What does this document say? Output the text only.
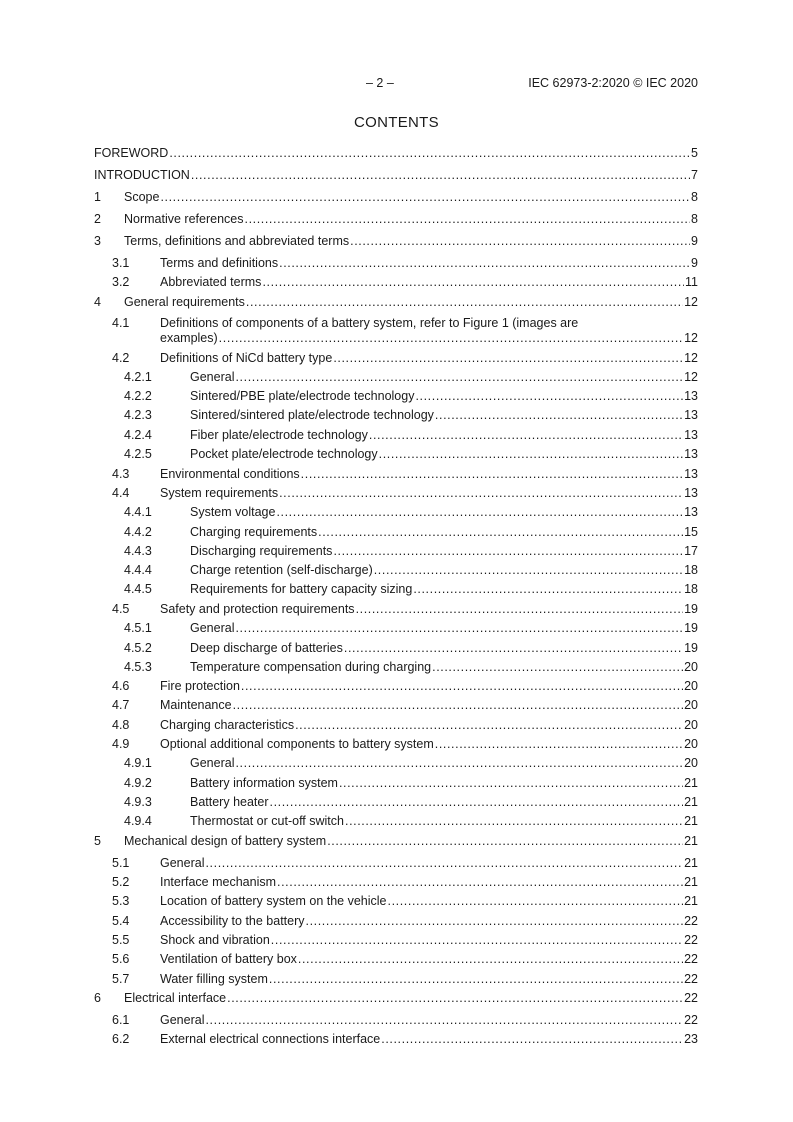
– 2 –	IEC 62973-2:2020 © IEC 2020
CONTENTS
FOREWORD .....	5
INTRODUCTION .....	7
1	Scope .....	8
2	Normative references .....	8
3	Terms, definitions and abbreviated terms .....	9
3.1	Terms and definitions .....	9
3.2	Abbreviated terms .....	11
4	General requirements .....	12
4.1	Definitions of components of a battery system, refer to Figure 1 (images are
examples) .....	12
4.2	Definitions of NiCd battery type .....	12
4.2.1	General .....	12
4.2.2	Sintered/PBE plate/electrode technology .....	13
4.2.3	Sintered/sintered plate/electrode technology .....	13
4.2.4	Fiber plate/electrode technology .....	13
4.2.5	Pocket plate/electrode technology .....	13
4.3	Environmental conditions .....	13
4.4	System requirements .....	13
4.4.1	System voltage .....	13
4.4.2	Charging requirements .....	15
4.4.3	Discharging requirements .....	17
4.4.4	Charge retention (self-discharge) .....	18
4.4.5	Requirements for battery capacity sizing .....	18
4.5	Safety and protection requirements .....	19
4.5.1	General .....	19
4.5.2	Deep discharge of batteries .....	19
4.5.3	Temperature compensation during charging .....	20
4.6	Fire protection .....	20
4.7	Maintenance .....	20
4.8	Charging characteristics .....	20
4.9	Optional additional components to battery system .....	20
4.9.1	General .....	20
4.9.2	Battery information system .....	21
4.9.3	Battery heater .....	21
4.9.4	Thermostat or cut-off switch .....	21
5	Mechanical design of battery system .....	21
5.1	General .....	21
5.2	Interface mechanism .....	21
5.3	Location of battery system on the vehicle .....	21
5.4	Accessibility to the battery .....	22
5.5	Shock and vibration .....	22
5.6	Ventilation of battery box .....	22
5.7	Water filling system .....	22
6	Electrical interface .....	22
6.1	General .....	22
6.2	External electrical connections interface .....	23
